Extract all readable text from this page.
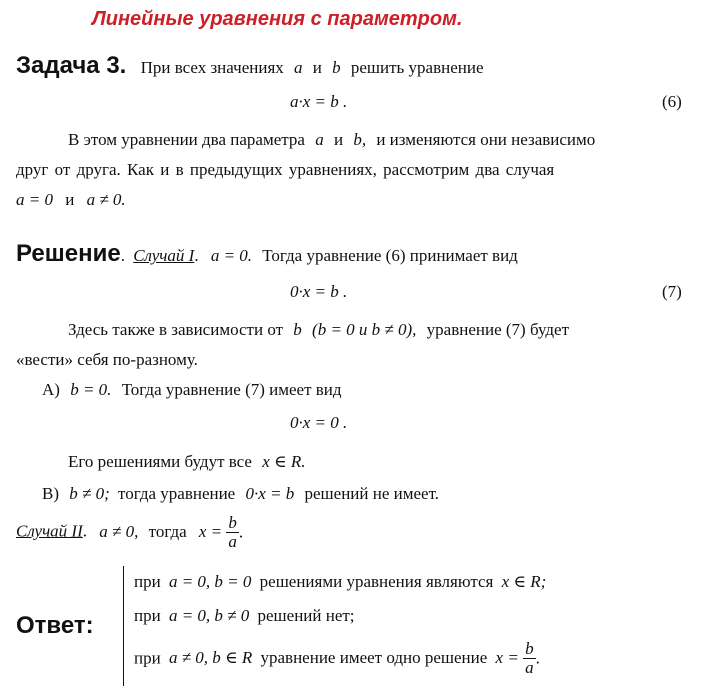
Линейные уравнения с параметром.
Задача 3. При всех значениях a и b решить уравнение
a·x = b .	(6)
В этом уравнении два параметра a и b, и изменяются они независимо
друг от друга. Как и в предыдущих уравнениях, рассмотрим два случая
a = 0 и a ≠ 0.
Решение. Случай I. a = 0. Тогда уравнение (6) принимает вид
0·x = b .	(7)
Здесь также в зависимости от b (b = 0 и b ≠ 0), уравнение (7) будет
«вести» себя по-разному.
А) b = 0. Тогда уравнение (7) имеет вид
0·x = 0 .
Его решениями будут все x ∈ R.
В) b ≠ 0; тогда уравнение 0·x = b решений не имеет.
Случай II. a ≠ 0, тогда $x = \frac{b}{a}$ .
Ответ:
при a = 0, b = 0 решениями уравнения являются x ∈ R;
при a = 0, b ≠ 0 решений нет;
при a ≠ 0, b ∈ R уравнение имеет одно решение $x = \frac{b}{a}$ .
